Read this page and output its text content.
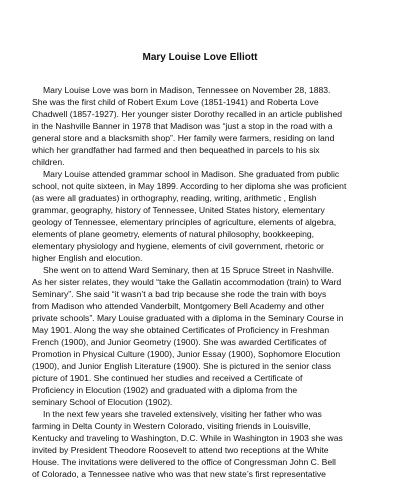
Mary Louise Love Elliott
Mary Louise Love was born in Madison, Tennessee on November 28, 1883.
She was the first child of Robert Exum Love (1851-1941) and Roberta Love
Chadwell (1857-1927). Her younger sister Dorothy recalled in an article published
in the Nashville Banner in 1978 that Madison was “just a stop in the road with a
general store and a blacksmith shop”. Her family were farmers, residing on land
which her grandfather had farmed and then bequeathed in parcels to his six
children.
Mary Louise attended grammar school in Madison. She graduated from public
school, not quite sixteen, in May 1899. According to her diploma she was proficient
(as were all graduates) in orthography, reading, writing, arithmetic , English
grammar, geography, history of Tennessee, United States history, elementary
geology of Tennessee, elementary principles of agriculture, elements of algebra,
elements of plane geometry, elements of natural philosophy, bookkeeping,
elementary physiology and hygiene, elements of civil government, rhetoric or
higher English and elocution.
She went on to attend Ward Seminary, then at 15 Spruce Street in Nashville.
As her sister relates, they would “take the Gallatin accommodation (train) to Ward
Seminary”. She said “it wasn’t a bad trip because she rode the train with boys
from Madison who attended Vanderbilt, Montgomery Bell Academy and other
private schools”. Mary Louise graduated with a diploma in the Seminary Course in
May 1901. Along the way she obtained Certificates of Proficiency in Freshman
French (1900), and Junior Geometry (1900). She was awarded Certificates of
Promotion in Physical Culture (1900), Junior Essay (1900), Sophomore Elocution
(1900), and Junior English Literature (1900). She is pictured in the senior class
picture of 1901. She continued her studies and received a Certificate of
Proficiency in Elocution (1902) and graduated with a diploma from the
seminary School of Elocution (1902).
In the next few years she traveled extensively, visiting her father who was
farming in Delta County in Western Colorado, visiting friends in Louisville,
Kentucky and traveling to Washington, D.C. While in Washington in 1903 she was
invited by President Theodore Roosevelt to attend two receptions at the White
House. The invitations were delivered to the office of Congressman John C. Bell
of Colorado, a Tennessee native who was that new state’s first representative
